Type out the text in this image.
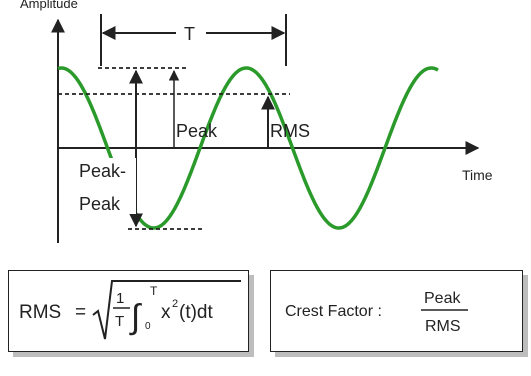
Amplitude
Time
T
Peak	RMS
Peak-
Peak
RMS =
1
T ∫
T
0
x 2 (t)dt	Crest Factor :
Peak
RMS
